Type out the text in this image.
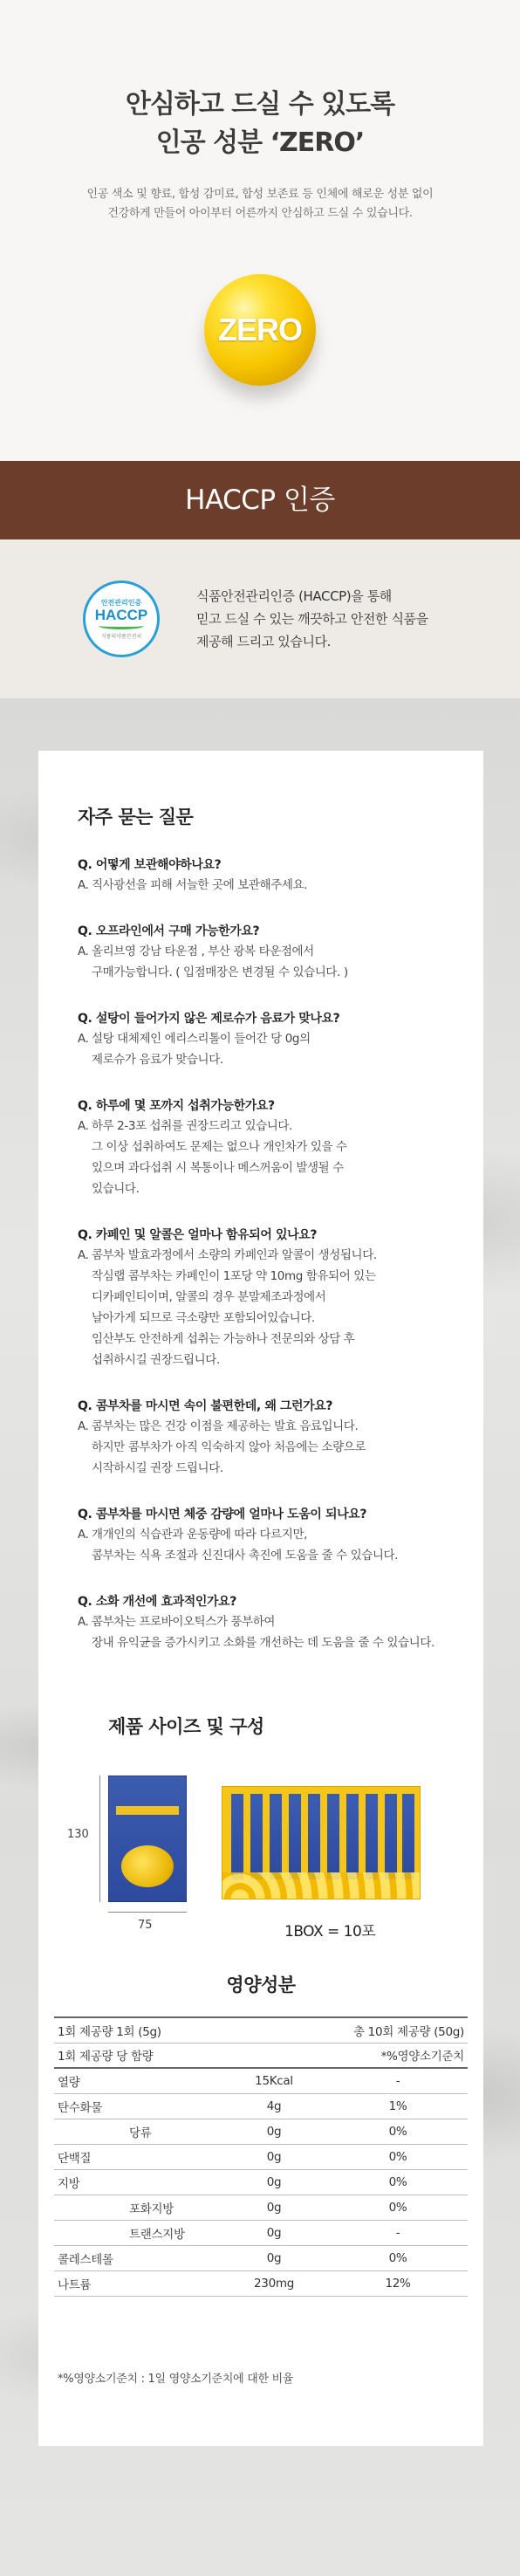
안심하고 드실 수 있도록
인공 성분 ‘ZERO’

인공 색소 및 향료, 합성 감미료, 합성 보존료 등 인체에 해로운 성분 없이
건강하게 만들어 아이부터 어른까지 안심하고 드실 수 있습니다.

ZERO
HACCP 인증
안전관리인증
HACCP
식품의약품안전처
식품안전관리인증 (HACCP)을 통해
믿고 드실 수 있는 깨끗하고 안전한 식품을
제공해 드리고 있습니다.
자주 묻는 질문
Q. 어떻게 보관해야하나요?
A. 직사광선을 피해 서늘한 곳에 보관해주세요.
Q. 오프라인에서 구매 가능한가요?
A. 올리브영 강남 타운점 , 부산 광복 타운점에서
구매가능합니다. ( 입점매장은 변경될 수 있습니다. )
Q. 설탕이 들어가지 않은 제로슈가 음료가 맞나요?
A. 설탕 대체제인 에리스리톨이 들어간 당 0g의
제로슈가 음료가 맞습니다.
Q. 하루에 몇 포까지 섭취가능한가요?
A. 하루 2-3포 섭취를 권장드리고 있습니다.
그 이상 섭취하여도 문제는 없으나 개인차가 있을 수
있으며 과다섭취 시 복통이나 메스꺼움이 발생될 수
있습니다.
Q. 카페인 및 알콜은 얼마나 함유되어 있나요?
A. 콤부차 발효과정에서 소량의 카페인과 알콜이 생성됩니다.
작심랩 콤부차는 카페인이 1포당 약 10mg 함유되어 있는
디카페인티이며, 알콜의 경우 분말제조과정에서
날아가게 되므로 극소량만 포함되어있습니다.
임산부도 안전하게 섭취는 가능하나 전문의와 상담 후
섭취하시길 권장드립니다.
Q. 콤부차를 마시면 속이 불편한데, 왜 그런가요?
A. 콤부차는 많은 건강 이점을 제공하는 발효 음료입니다.
하지만 콤부차가 아직 익숙하지 않아 처음에는 소량으로
시작하시길 권장 드립니다.
Q. 콤부차를 마시면 체중 감량에 얼마나 도움이 되나요?
A. 개개인의 식습관과 운동량에 따라 다르지만,
콤부차는 식욕 조절과 신진대사 촉진에 도움을 줄 수 있습니다.
Q. 소화 개선에 효과적인가요?
A. 콤부차는 프로바이오틱스가 풍부하여
장내 유익균을 증가시키고 소화를 개선하는 데 도움을 줄 수 있습니다.
제품 사이즈 및 구성
130
75	1BOX = 10포
영양성분
1회 제공량 1회 (5g)		총 10회 제공량 (50g)	
1회 제공량 당 함량		*%영양소기준치	
열량		15Kcal	-
탄수화물		4g	1%
	당류	0g	0%
단백질		0g	0%
지방		0g	0%
	포화지방	0g	0%
	트랜스지방	0g	-
콜레스테롤		0g	0%
나트륨		230mg	12%
*%영양소기준치 : 1일 영양소기준치에 대한 비율
